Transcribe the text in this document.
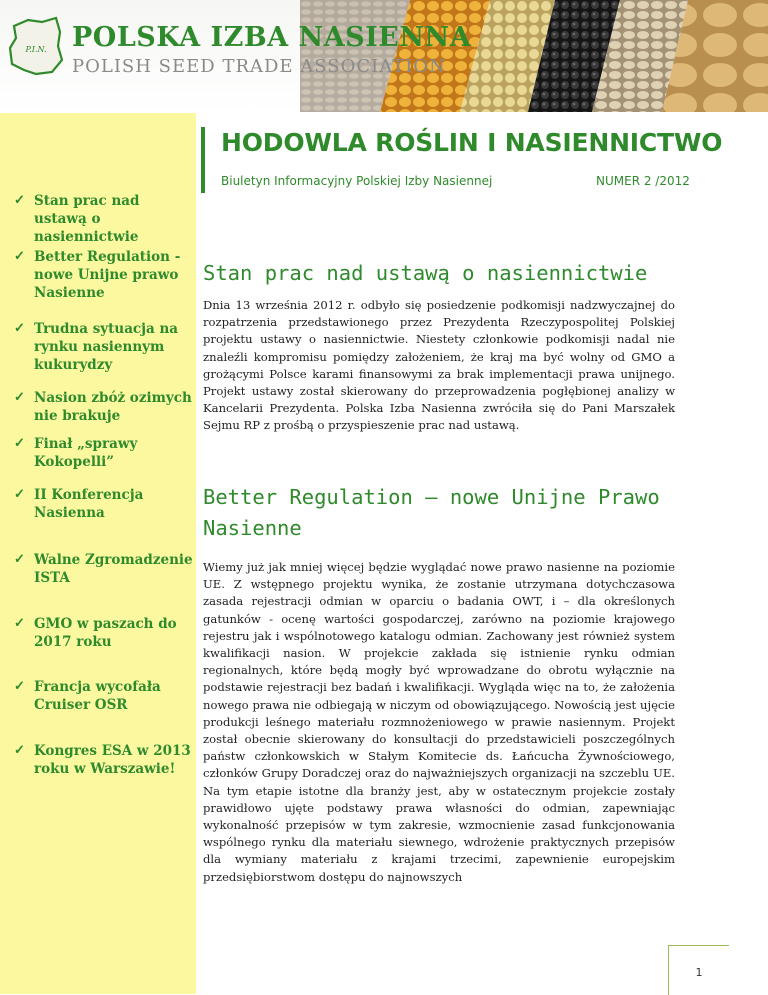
P.I.N. POLSKA IZBA NASIENNA
POLISH SEED TRADE ASSOCIATION
✓ Stan prac nad ustawą o nasiennictwie
✓ Better Regulation - nowe Unijne prawo Nasienne
✓ Trudna sytuacja na rynku nasiennym kukurydzy
✓ Nasion zbóż ozimych nie brakuje
✓ Finał „sprawy Kokopelli”
✓ II Konferencja Nasienna
✓ Walne Zgromadzenie ISTA
✓ GMO w paszach do 2017 roku
✓ Francja wycofała Cruiser OSR
✓ Kongres ESA w 2013 roku w Warszawie!
HODOWLA ROŚLIN I NASIENNICTWO
Biuletyn Informacyjny Polskiej Izby Nasiennej	NUMER 2 /2012
Stan prac nad ustawą o nasiennictwie

Dnia 13 września 2012 r. odbyło się posiedzenie podkomisji nadzwyczajnej do rozpatrzenia przedstawionego przez Prezydenta Rzeczypospolitej Polskiej projektu ustawy o nasiennictwie. Niestety członkowie podkomisji nadal nie znaleźli kompromisu pomiędzy założeniem, że kraj ma być wolny od GMO a grożącymi Polsce karami finansowymi za brak implementacji prawa unijnego. Projekt ustawy został skierowany do przeprowadzenia pogłębionej analizy w Kancelarii Prezydenta. Polska Izba Nasienna zwróciła się do Pani Marszałek Sejmu RP z prośbą o przyspieszenie prac nad ustawą.

Better Regulation – nowe Unijne Prawo Nasienne

Wiemy już jak mniej więcej będzie wyglądać nowe prawo nasienne na poziomie UE. Z wstępnego projektu wynika, że zostanie utrzymana dotychczasowa zasada rejestracji odmian w oparciu o badania OWT, i – dla określonych gatunków - ocenę wartości gospodarczej, zarówno na poziomie krajowego rejestru jak i wspólnotowego katalogu odmian. Zachowany jest również system kwalifikacji nasion. W projekcie zakłada się istnienie rynku odmian regionalnych, które będą mogły być wprowadzane do obrotu wyłącznie na podstawie rejestracji bez badań i kwalifikacji. Wygląda więc na to, że założenia nowego prawa nie odbiegają w niczym od obowiązującego. Nowością jest ujęcie produkcji leśnego materiału rozmnożeniowego w prawie nasiennym. Projekt został obecnie skierowany do konsultacji do przedstawicieli poszczególnych państw członkowskich w Stałym Komitecie ds. Łańcucha Żywnościowego, członków Grupy Doradczej oraz do najważniejszych organizacji na szczeblu UE. Na tym etapie istotne dla branży jest, aby w ostatecznym projekcie zostały prawidłowo ujęte podstawy prawa własności do odmian, zapewniając wykonalność przepisów w tym zakresie, wzmocnienie zasad funkcjonowania wspólnego rynku dla materiału siewnego, wdrożenie praktycznych przepisów dla wymiany materiału z krajami trzecimi, zapewnienie europejskim przedsiębiorstwom dostępu do najnowszych

1
